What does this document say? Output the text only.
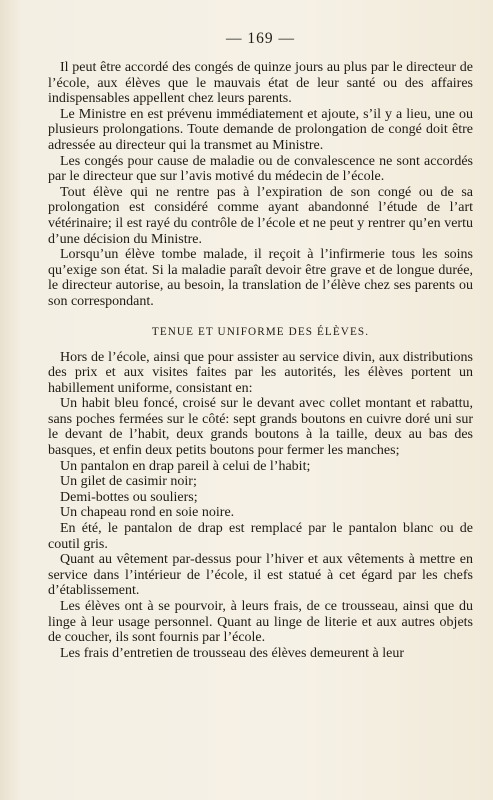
— 169 —

Il peut être accordé des congés de quinze jours au plus par le directeur de l’école, aux élèves que le mauvais état de leur santé ou des affaires indispensables appellent chez leurs parents.

Le Ministre en est prévenu immédiatement et ajoute, s’il y a lieu, une ou plusieurs prolongations. Toute demande de prolongation de congé doit être adressée au directeur qui la transmet au Ministre.

Les congés pour cause de maladie ou de convalescence ne sont accordés par le directeur que sur l’avis motivé du médecin de l’école.

Tout élève qui ne rentre pas à l’expiration de son congé ou de sa prolongation est considéré comme ayant abandonné l’étude de l’art vétérinaire; il est rayé du contrôle de l’école et ne peut y rentrer qu’en vertu d’une décision du Ministre.

Lorsqu’un élève tombe malade, il reçoit à l’infirmerie tous les soins qu’exige son état. Si la maladie paraît devoir être grave et de longue durée, le directeur autorise, au besoin, la translation de l’élève chez ses parents ou son correspondant.

TENUE ET UNIFORME DES ÉLÈVES.

Hors de l’école, ainsi que pour assister au service divin, aux distributions des prix et aux visites faites par les autorités, les élèves portent un habillement uniforme, consistant en:

Un habit bleu foncé, croisé sur le devant avec collet montant et rabattu, sans poches fermées sur le côté: sept grands boutons en cuivre doré uni sur le devant de l’habit, deux grands boutons à la taille, deux au bas des basques, et enfin deux petits boutons pour fermer les manches;

Un pantalon en drap pareil à celui de l’habit;

Un gilet de casimir noir;

Demi-bottes ou souliers;

Un chapeau rond en soie noire.

En été, le pantalon de drap est remplacé par le pantalon blanc ou de coutil gris.

Quant au vêtement par-dessus pour l’hiver et aux vêtements à mettre en service dans l’intérieur de l’école, il est statué à cet égard par les chefs d’établissement.

Les élèves ont à se pourvoir, à leurs frais, de ce trousseau, ainsi que du linge à leur usage personnel. Quant au linge de literie et aux autres objets de coucher, ils sont fournis par l’école.

Les frais d’entretien de trousseau des élèves demeurent à leur
